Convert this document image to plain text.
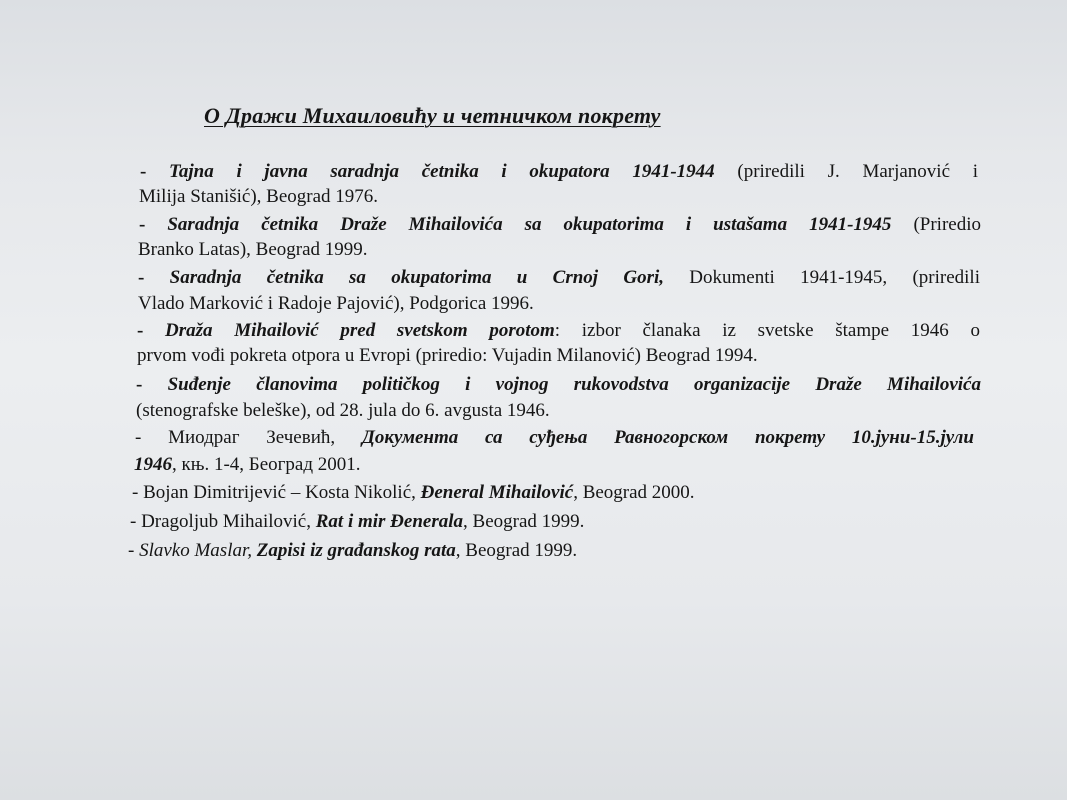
О Дражи Михаиловићу и четничком покрету
- Tajna i javna saradnja četnika i okupatora 1941-1944 (priredili J. Marjanović i
Milija Stanišić), Beograd 1976.
- Saradnja četnika Draže Mihailovića sa okupatorima i ustašama 1941-1945 (Priredio
Branko Latas), Beograd 1999.
- Saradnja četnika sa okupatorima u Crnoj Gori, Dokumenti 1941-1945, (priredili
Vlado Marković i Radoje Pajović), Podgorica 1996.
- Draža Mihailović pred svetskom porotom: izbor članaka iz svetske štampe 1946 o
prvom vođi pokreta otpora u Evropi (priredio: Vujadin Milanović) Beograd 1994.
- Suđenje članovima političkog i vojnog rukovodstva organizacije Draže Mihailovića
(stenografske beleške), od 28. jula do 6. avgusta 1946.
- Миодраг Зечевић, Документа са суђења Равногорском покрету 10.јуни-15.јули
1946, књ. 1-4, Београд 2001.
- Bojan Dimitrijević – Kosta Nikolić, Đeneral Mihailović, Beograd 2000.
- Dragoljub Mihailović, Rat i mir Đenerala, Beograd 1999.
- Slavko Maslar, Zapisi iz građanskog rata, Beograd 1999.
